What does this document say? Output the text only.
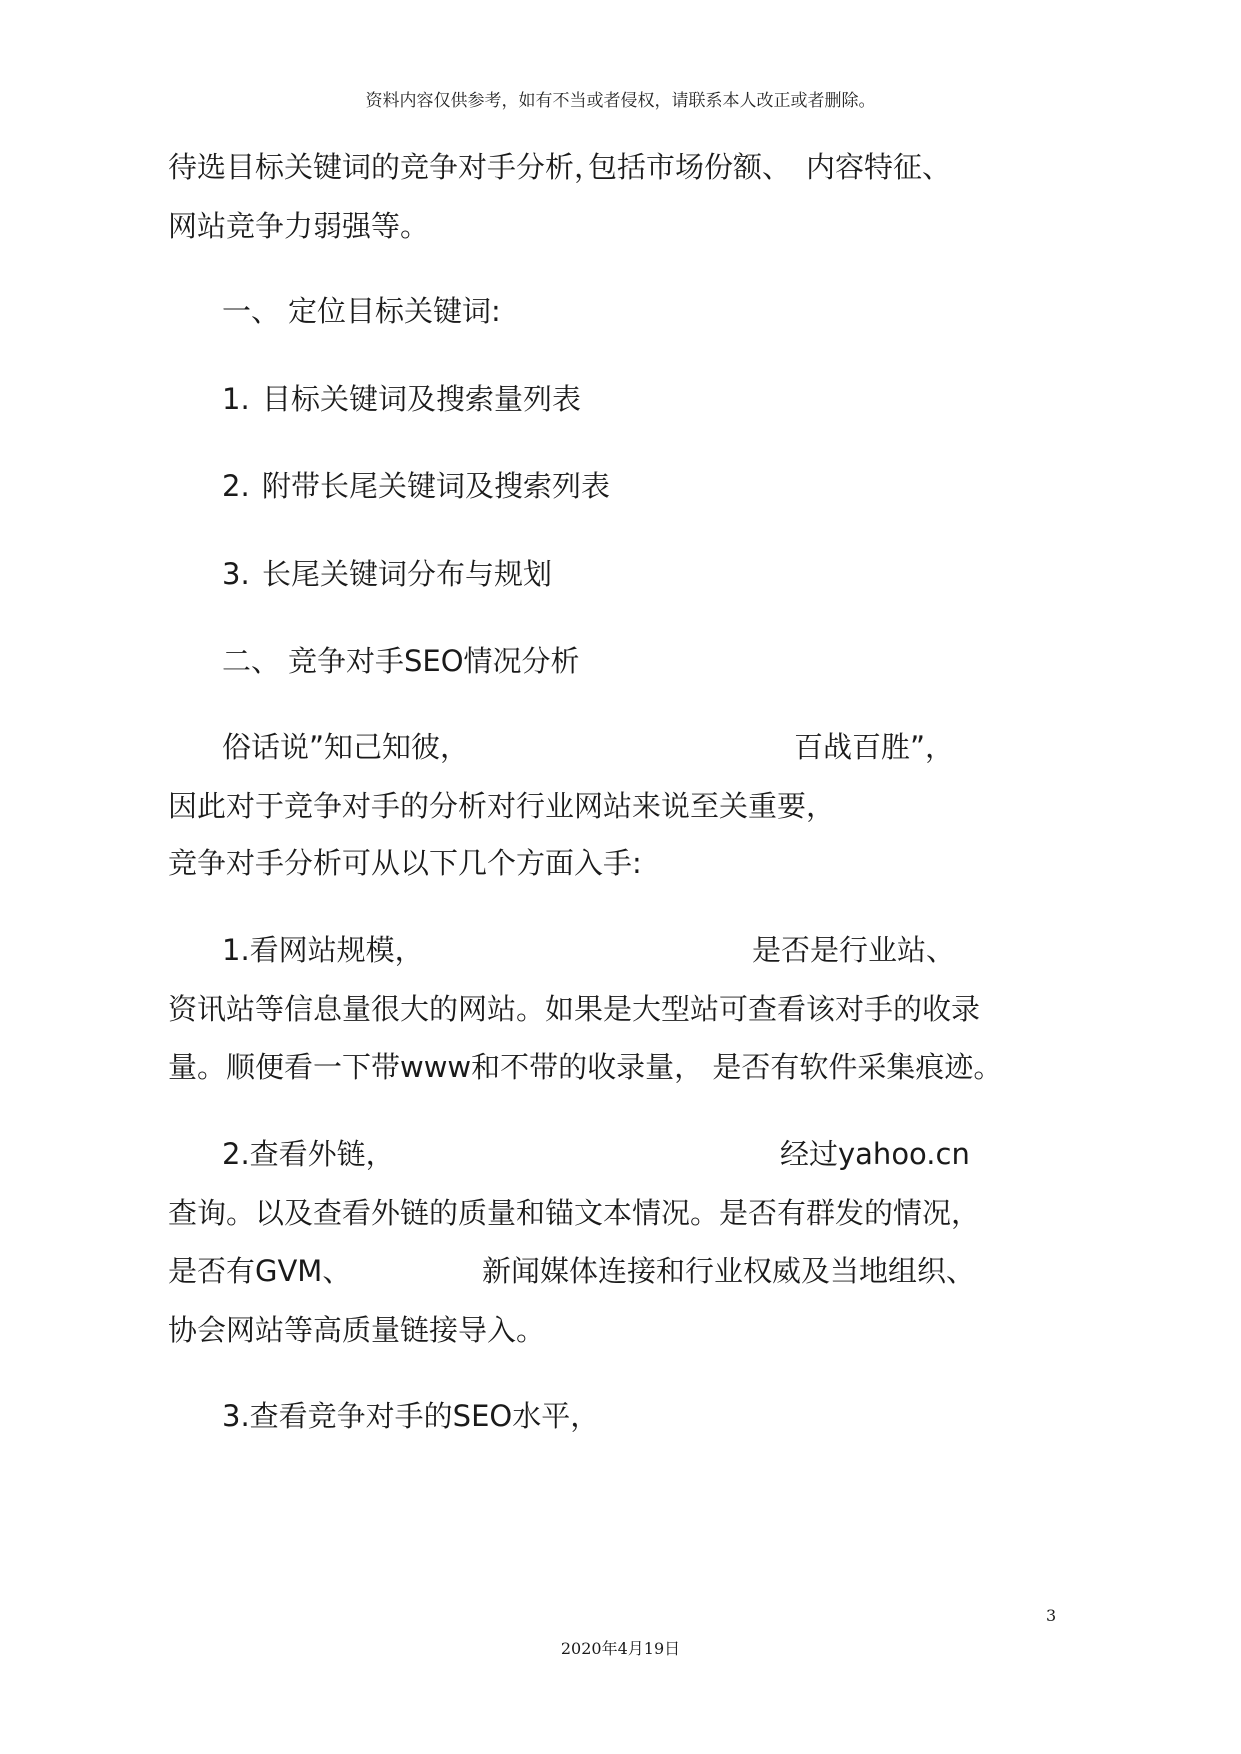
资料内容仅供参考，如有不当或者侵权，请联系本人改正或者删除。
待选目标关键词的竞争对手分析，
包括市场份额、 内容特征、
网站竞争力弱强等。
一、 定位目标关键词:
1. 目标关键词及搜索量列表
2. 附带长尾关键词及搜索列表
3. 长尾关键词分布与规划
二、 竞争对手SEO情况分析
俗话说”知己知彼，	百战百胜”，
因此对于竞争对手的分析对行业网站来说至关重要，
竞争对手分析可从以下几个方面入手:
1.看网站规模，	是否是行业站、
资讯站等信息量很大的网站。如果是大型站可查看该对手的收录
量。顺便看一下带www和不带的收录量， 是否有软件采集痕迹。
2.查看外链，	经过yahoo.cn
查询。以及查看外链的质量和锚文本情况。是否有群发的情况，
是否有GVM、	新闻媒体连接和行业权威及当地组织、
协会网站等高质量链接导入。
3.查看竞争对手的SEO水平，
3
2020年4月19日
